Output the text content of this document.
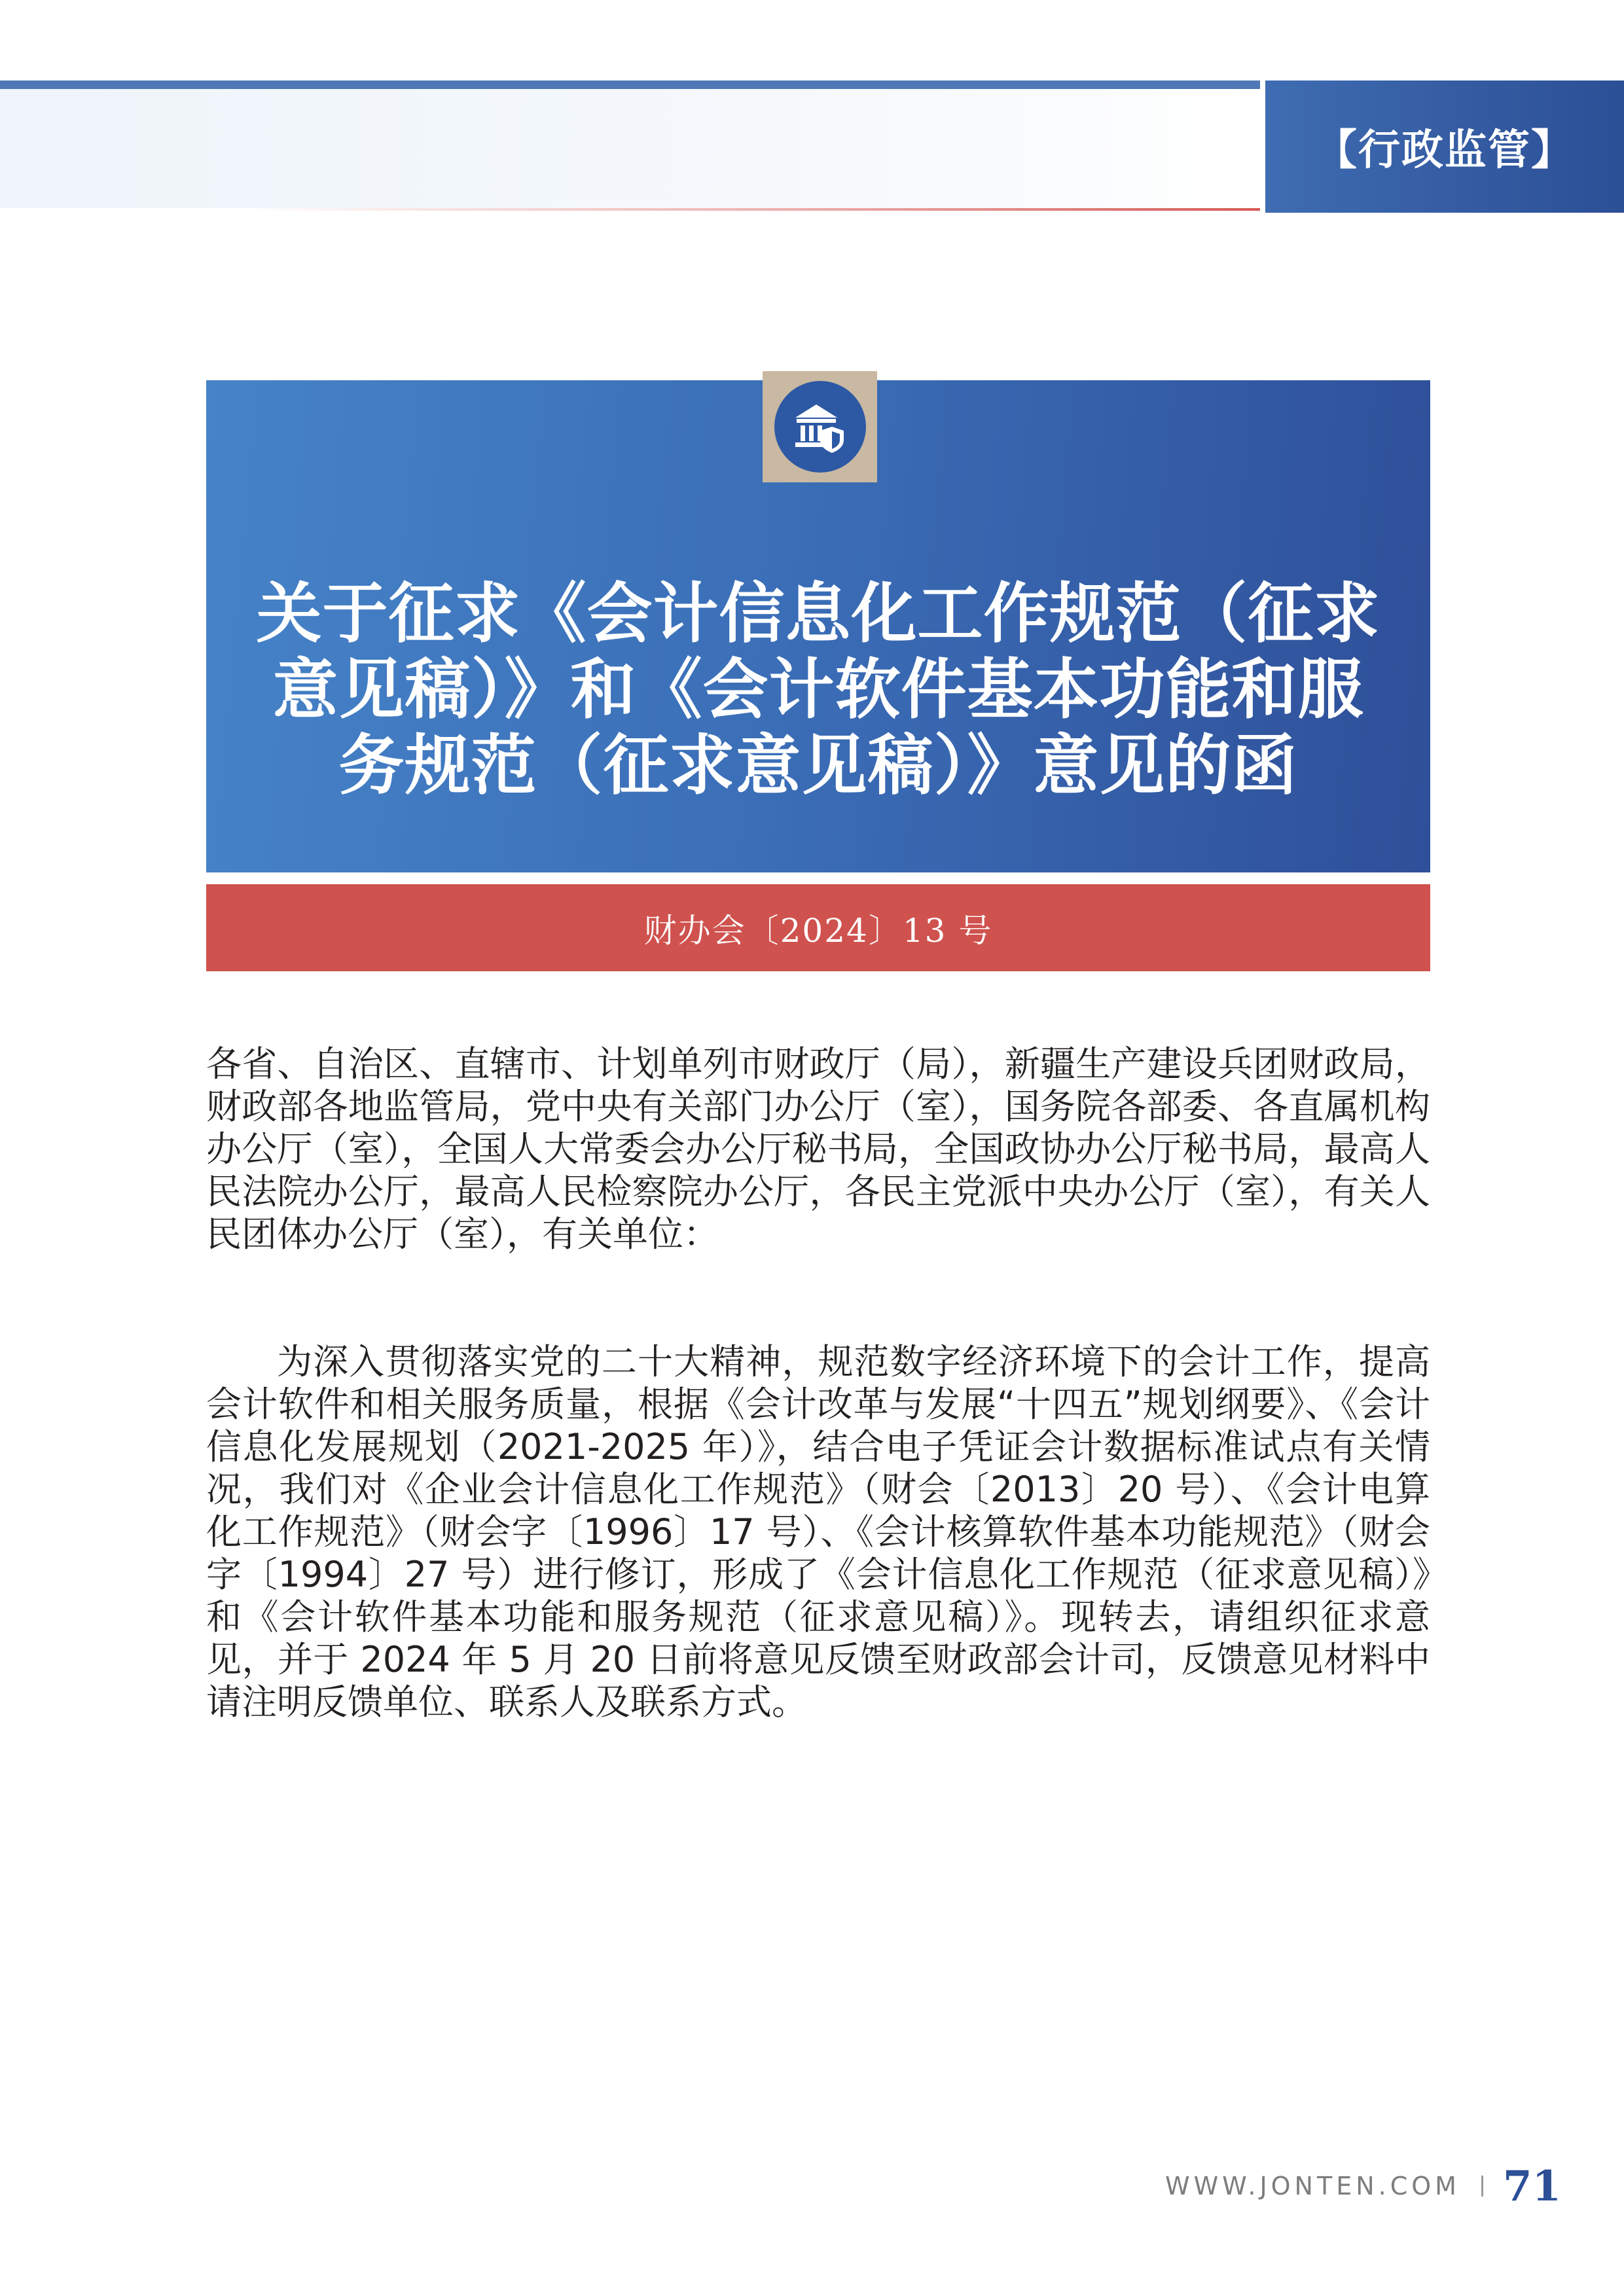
【行政监管】
关于征求《会计信息化工作规范（征求
意见稿）》和《会计软件基本功能和服
务规范（征求意见稿）》意见的函
财办会〔2024〕13 号

各省、自治区、直辖市、计划单列市财政厅（局），新疆生产建设兵团财政局，财政部各地监管局，党中央有关部门办公厅（室），国务院各部委、各直属机构办公厅（室），全国人大常委会办公厅秘书局，全国政协办公厅秘书局，最高人民法院办公厅，最高人民检察院办公厅，各民主党派中央办公厅（室），有关人民团体办公厅（室），有关单位：

为深入贯彻落实党的二十大精神，规范数字经济环境下的会计工作，提高会计软件和相关服务质量，根据《会计改革与发展“十四五”规划纲要》、《会计信息化发展规划（2021-2025 年）》，结合电子凭证会计数据标准试点有关情况，我们对《企业会计信息化工作规范》（财会〔2013〕20 号）、《会计电算化工作规范》（财会字〔1996〕17 号）、《会计核算软件基本功能规范》（财会字〔1994〕27 号）进行修订，形成了《会计信息化工作规范（征求意见稿）》和《会计软件基本功能和服务规范（征求意见稿）》。现转去，请组织征求意见，并于 2024 年 5 月 20 日前将意见反馈至财政部会计司，反馈意见材料中请注明反馈单位、联系人及联系方式。

WWW.JONTEN.COM 71
